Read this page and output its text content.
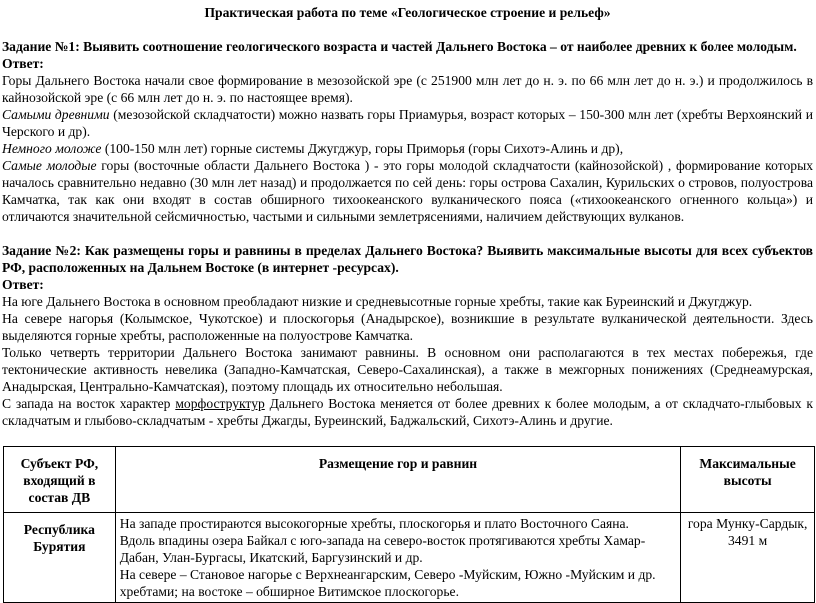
Практическая работа по теме «Геологическое строение и рельеф»

Задание №1: Выявить соотношение геологического возраста и частей Дальнего Востока – от наиболее древних к более молодым.

Ответ:

Горы Дальнего Востока начали свое формирование в мезозойской эре (с 251900 млн лет до н. э. по 66 млн лет до н. э.) и продолжилось в кайнозойской эре (с 66 млн лет до н. э. по настоящее время).

Самыми древними (мезозойской складчатости) можно назвать горы Приамурья, возраст которых – 150-300 млн лет (хребты Верхоянский и Черского и др).

Немного моложе (100-150 млн лет) горные системы Джугджур, горы Приморья (горы Сихотэ-Алинь и др),

Самые молодые горы (восточные области Дальнего Востока ) - это горы молодой складчатости (кайнозойской) , формирование которых началось сравнительно недавно (30 млн лет назад) и продолжается по сей день: горы острова Сахалин, Курильских о стровов, полуострова Камчатка, так как они входят в состав обширного тихоокеанского вулканического пояса («тихоокеанского огненного кольца») и отличаются значительной сейсмичностью, частыми и сильными землетрясениями, наличием действующих вулканов.

Задание №2: Как размещены горы и равнины в пределах Дальнего Востока? Выявить максимальные высоты для всех субъектов РФ, расположенных на Дальнем Востоке (в интернет -ресурсах).

Ответ:

На юге Дальнего Востока в основном преобладают низкие и средневысотные горные хребты, такие как Буреинский и Джугджур.

На севере нагорья (Колымское, Чукотское) и плоскогорья (Анадырское), возникшие в результате вулканической деятельности. Здесь выделяются горные хребты, расположенные на полуострове Камчатка.

Только четверть территории Дальнего Востока занимают равнины. В основном они располагаются в тех местах побережья, где тектонические активность невелика (Западно-Камчатская, Северо-Сахалинская), а также в межгорных понижениях (Среднеамурская, Анадырская, Центрально-Камчатская), поэтому площадь их относительно небольшая.

С запада на восток характер морфоструктур Дальнего Востока меняется от более древних к более молодым, а от складчато-глыбовых к складчатым и глыбово-складчатым - хребты Джагды, Буреинский, Баджальский, Сихотэ-Алинь и другие.

Субъект РФ, входящий в состав ДВ	Размещение гор и равнин	Максимальные высоты
Республика Бурятия	На западе простираются высокогорные хребты, плоскогорья и плато Восточного Саяна.
Вдоль впадины озера Байкал с юго-запада на северо-восток протягиваются хребты Хамар-Дабан, Улан-Бургасы, Икатский, Баргузинский и др.
На севере – Становое нагорье с Верхнеангарским, Северо -Муйским, Южно -Муйским и др. хребтами; на востоке – обширное Витимское плоскогорье.	гора Мунку-Сардык, 3491 м
